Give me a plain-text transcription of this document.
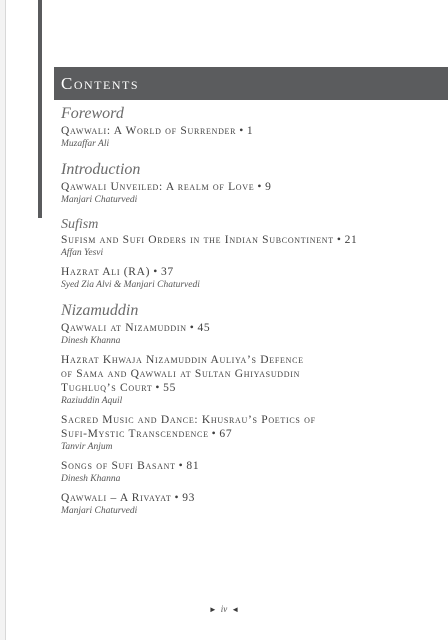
Contents

Foreword

Qawwali: A World of Surrender • 1

Muzaffar Ali

Introduction

Qawwali Unveiled: A realm of Love • 9

Manjari Chaturvedi

Sufism

Sufism and Sufi Orders in the Indian Subcontinent • 21

Affan Yesvi

Hazrat Ali (RA) • 37

Syed Zia Alvi & Manjari Chaturvedi

Nizamuddin

Qawwali at Nizamuddin • 45

Dinesh Khanna

Hazrat Khwaja Nizamuddin Auliya’s Defence

of Sama and Qawwali at Sultan Ghiyasuddin

Tughluq’s Court • 55

Raziuddin Aquil

Sacred Music and Dance: Khusrau’s Poetics of

Sufi-Mystic Transcendence • 67

Tanvir Anjum

Songs of Sufi Basant • 81

Dinesh Khanna

Qawwali – A Rivayat • 93

Manjari Chaturvedi

► iv ◄
